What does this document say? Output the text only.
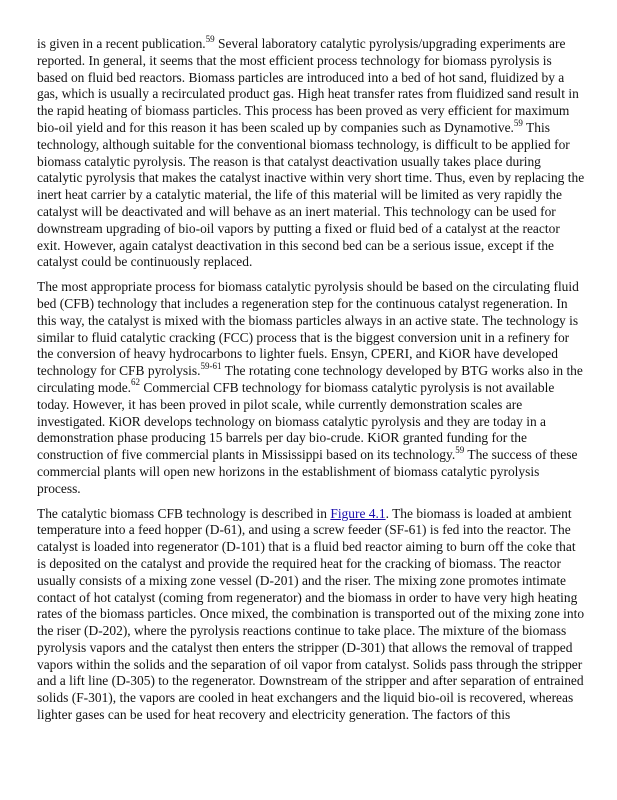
is given in a recent publication.$^{59}$ Several laboratory catalytic pyrolysis/upgrading experiments are reported. In general, it seems that the most efficient process technology for biomass pyrolysis is based on fluid bed reactors. Biomass particles are introduced into a bed of hot sand, fluidized by a gas, which is usually a recirculated product gas. High heat transfer rates from fluidized sand result in the rapid heating of biomass particles. This process has been proved as very efficient for maximum bio-oil yield and for this reason it has been scaled up by companies such as Dynamotive.$^{59}$ This technology, although suitable for the conventional biomass technology, is difficult to be applied for biomass catalytic pyrolysis. The reason is that catalyst deactivation usually takes place during catalytic pyrolysis that makes the catalyst inactive within very short time. Thus, even by replacing the inert heat carrier by a catalytic material, the life of this material will be limited as very rapidly the catalyst will be deactivated and will behave as an inert material. This technology can be used for downstream upgrading of bio-oil vapors by putting a fixed or fluid bed of a catalyst at the reactor exit. However, again catalyst deactivation in this second bed can be a serious issue, except if the catalyst could be continuously replaced.

The most appropriate process for biomass catalytic pyrolysis should be based on the circulating fluid bed (CFB) technology that includes a regeneration step for the continuous catalyst regeneration. In this way, the catalyst is mixed with the biomass particles always in an active state. The technology is similar to fluid catalytic cracking (FCC) process that is the biggest conversion unit in a refinery for the conversion of heavy hydrocarbons to lighter fuels. Ensyn, CPERI, and KiOR have developed technology for CFB pyrolysis.$^{59-61}$ The rotating cone technology developed by BTG works also in the circulating mode.$^{62}$ Commercial CFB technology for biomass catalytic pyrolysis is not available today. However, it has been proved in pilot scale, while currently demonstration scales are investigated. KiOR develops technology on biomass catalytic pyrolysis and they are today in a demonstration phase producing 15 barrels per day bio-crude. KiOR granted funding for the construction of five commercial plants in Mississippi based on its technology.$^{59}$ The success of these commercial plants will open new horizons in the establishment of biomass catalytic pyrolysis process.

The catalytic biomass CFB technology is described in Figure 4.1. The biomass is loaded at ambient temperature into a feed hopper (D-61), and using a screw feeder (SF-61) is fed into the reactor. The catalyst is loaded into regenerator (D-101) that is a fluid bed reactor aiming to burn off the coke that is deposited on the catalyst and provide the required heat for the cracking of biomass. The reactor usually consists of a mixing zone vessel (D-201) and the riser. The mixing zone promotes intimate contact of hot catalyst (coming from regenerator) and the biomass in order to have very high heating rates of the biomass particles. Once mixed, the combination is transported out of the mixing zone into the riser (D-202), where the pyrolysis reactions continue to take place. The mixture of the biomass pyrolysis vapors and the catalyst then enters the stripper (D-301) that allows the removal of trapped vapors within the solids and the separation of oil vapor from catalyst. Solids pass through the stripper and a lift line (D-305) to the regenerator. Downstream of the stripper and after separation of entrained solids (F-301), the vapors are cooled in heat exchangers and the liquid bio-oil is recovered, whereas lighter gases can be used for heat recovery and electricity generation. The factors of this
